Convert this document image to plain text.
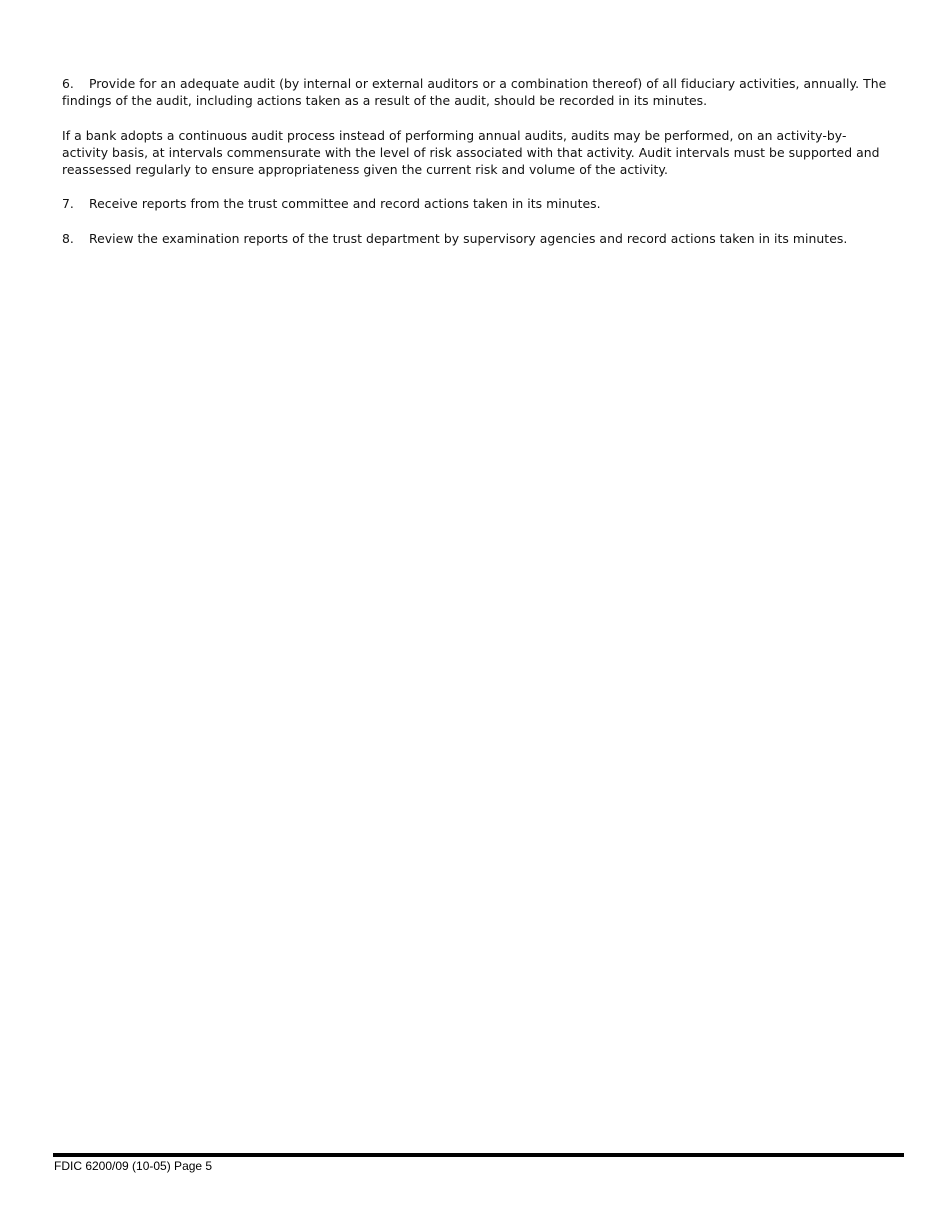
6. Provide for an adequate audit (by internal or external auditors or a combination thereof) of all fiduciary activities, annually. The findings of the audit, including actions taken as a result of the audit, should be recorded in its minutes.

If a bank adopts a continuous audit process instead of performing annual audits, audits may be performed, on an activity-by-activity basis, at intervals commensurate with the level of risk associated with that activity. Audit intervals must be supported and reassessed regularly to ensure appropriateness given the current risk and volume of the activity.

7. Receive reports from the trust committee and record actions taken in its minutes.

8. Review the examination reports of the trust department by supervisory agencies and record actions taken in its minutes.

FDIC 6200/09 (10-05) Page 5
